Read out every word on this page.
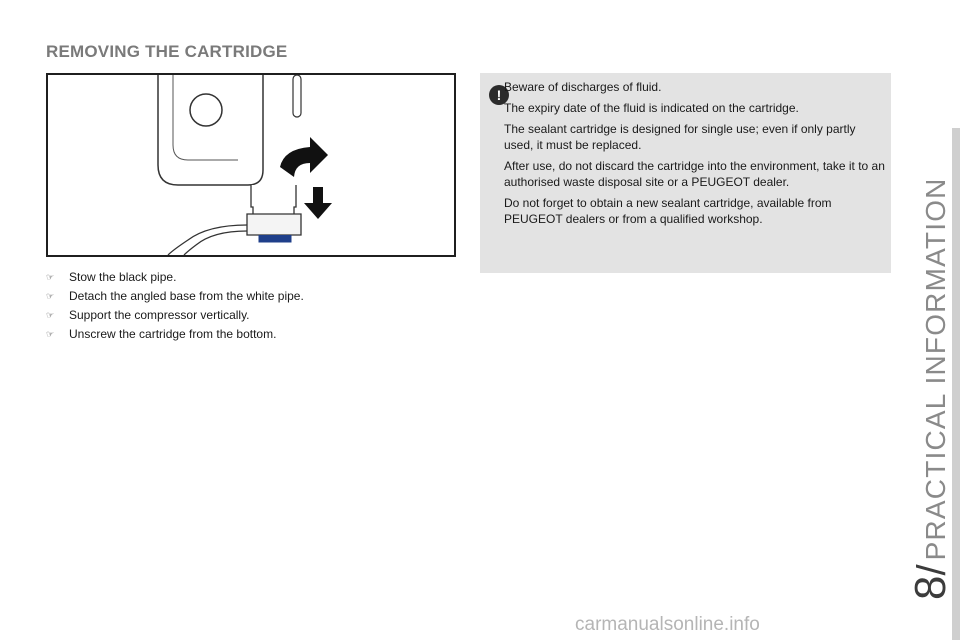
REMOVING THE CARTRIDGE
☞	Stow the black pipe.
☞	Detach the angled base from the white pipe.
☞	Support the compressor vertically.
☞	Unscrew the cartridge from the bottom.
! Beware of discharges of fluid.

The expiry date of the fluid is indicated on the cartridge.

The sealant cartridge is designed for single use; even if only partly used, it must be replaced.

After use, do not discard the cartridge into the environment, take it to an authorised waste disposal site or a PEUGEOT dealer.

Do not forget to obtain a new sealant cartridge, available from PEUGEOT dealers or from a qualified workshop.

8
/
PRACTICAL INFORMATION
carmanualsonline.info
